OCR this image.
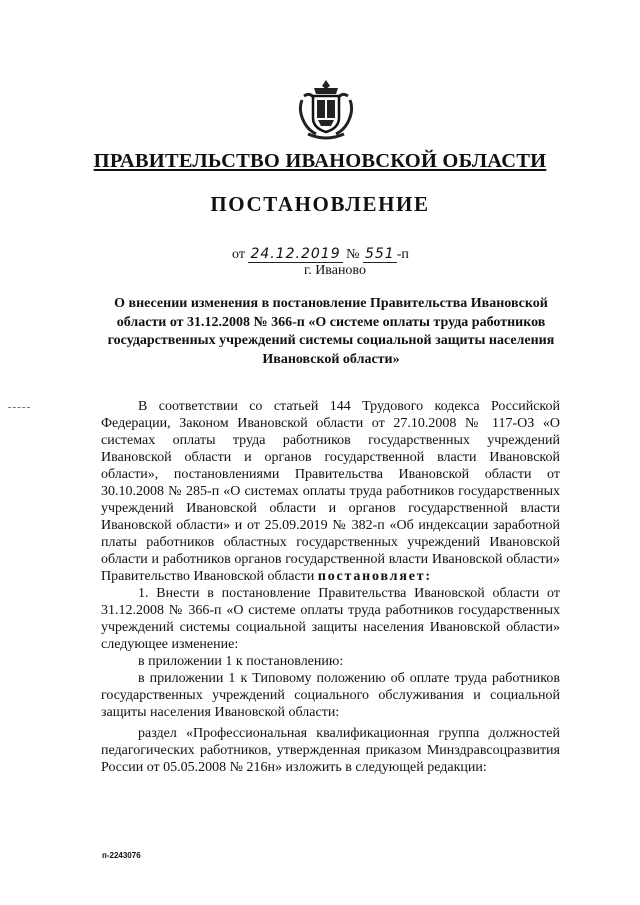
ПРАВИТЕЛЬСТВО ИВАНОВСКОЙ ОБЛАСТИ
ПОСТАНОВЛЕНИЕ
от 24.12.2019 № 551 -п
г. Иваново
О внесении изменения в постановление Правительства Ивановской области от 31.12.2008 № 366-п «О системе оплаты труда работников государственных учреждений системы социальной защиты населения Ивановской области»

В соответствии со статьей 144 Трудового кодекса Российской Федерации, Законом Ивановской области от 27.10.2008 № 117-ОЗ «О системах оплаты труда работников государственных учреждений Ивановской области и органов государственной власти Ивановской области», постановлениями Правительства Ивановской области от 30.10.2008 № 285-п «О системах оплаты труда работников государственных учреждений Ивановской области и органов государственной власти Ивановской области» и от 25.09.2019 № 382-п «Об индексации заработной платы работников областных государственных учреждений Ивановской области и работников органов государственной власти Ивановской области» Правительство Ивановской области постановляет:

1. Внести в постановление Правительства Ивановской области от 31.12.2008 № 366-п «О системе оплаты труда работников государственных учреждений системы социальной защиты населения Ивановской области» следующее изменение:

в приложении 1 к постановлению:

в приложении 1 к Типовому положению об оплате труда работников государственных учреждений социального обслуживания и социальной защиты населения Ивановской области:

раздел «Профессиональная квалификационная группа должностей педагогических работников, утвержденная приказом Минздравсоцразвития России от 05.05.2008 № 216н» изложить в следующей редакции:

п-2243076
